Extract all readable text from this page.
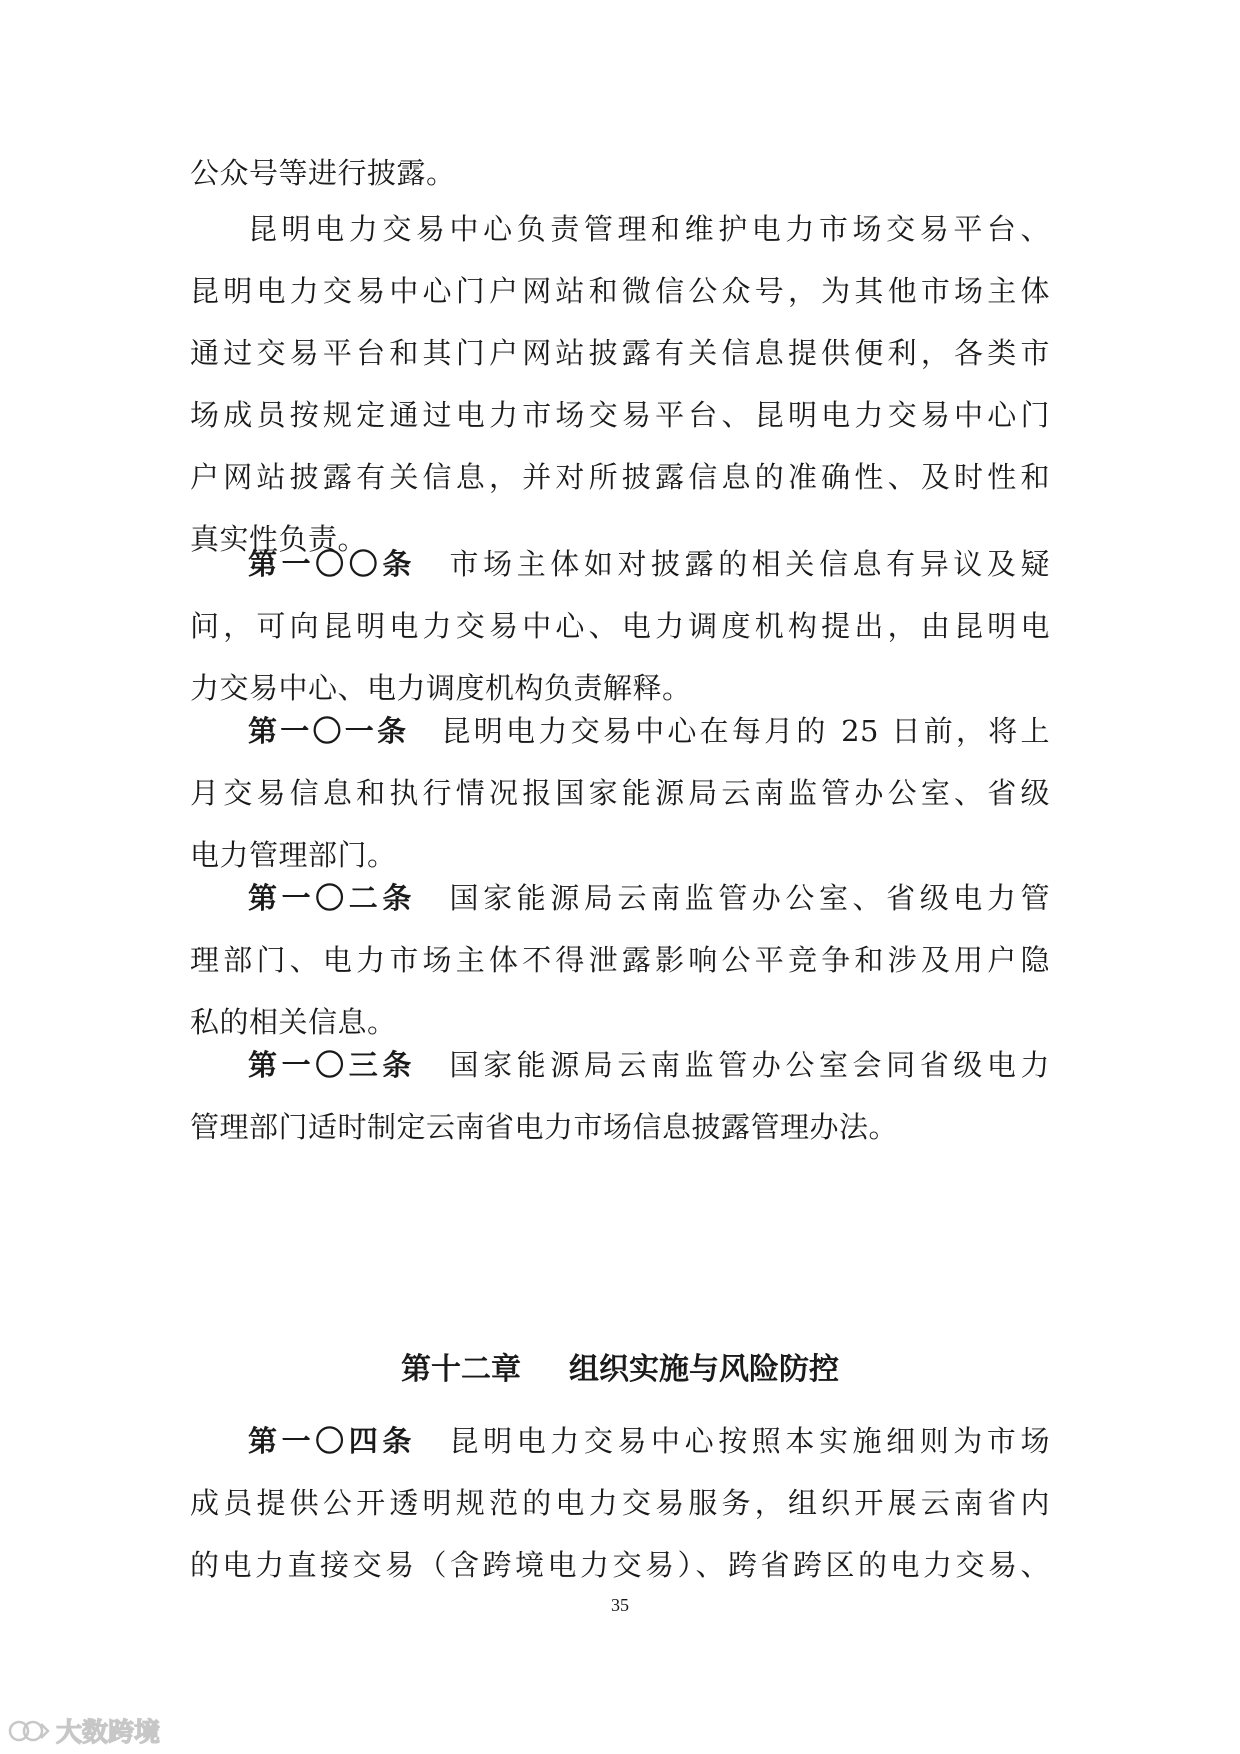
公众号等进行披露。
昆明电力交易中心负责管理和维护电力市场交易平台、
昆明电力交易中心门户网站和微信公众号，为其他市场主体
通过交易平台和其门户网站披露有关信息提供便利，各类市
场成员按规定通过电力市场交易平台、昆明电力交易中心门
户网站披露有关信息，并对所披露信息的准确性、及时性和
真实性负责。
第一〇〇条　 市场主体如对披露的相关信息有异议及疑
问，可向昆明电力交易中心、电力调度机构提出，由昆明电
力交易中心、电力调度机构负责解释。
第一〇一条　 昆明电力交易中心在每月的 25 日前，将上
月交易信息和执行情况报国家能源局云南监管办公室、省级
电力管理部门。
第一〇二条　 国家能源局云南监管办公室、省级电力管
理部门、电力市场主体不得泄露影响公平竞争和涉及用户隐
私的相关信息。
第一〇三条　 国家能源局云南监管办公室会同省级电力
管理部门适时制定云南省电力市场信息披露管理办法。
第十二章 组织实施与风险防控
第一〇四条　 昆明电力交易中心按照本实施细则为市场
成员提供公开透明规范的电力交易服务，组织开展云南省内
的电力直接交易（含跨境电力交易）、跨省跨区的电力交易、
35
大数跨境
